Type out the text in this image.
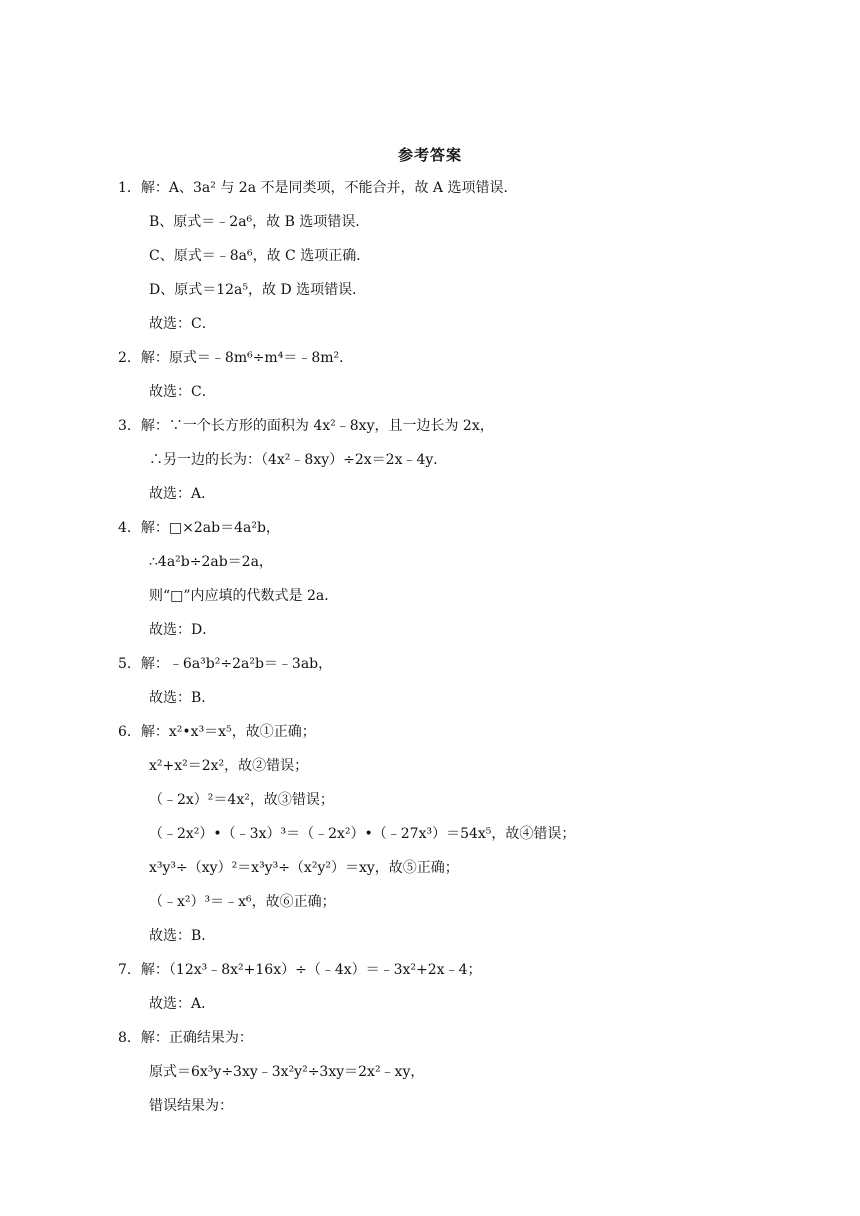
参考答案
1．解：A、3a² 与 2a 不是同类项，不能合并，故 A 选项错误．
B、原式＝﹣2a⁶，故 B 选项错误．
C、原式＝﹣8a⁶，故 C 选项正确．
D、原式＝12a⁵，故 D 选项错误．
故选：C．
2．解：原式＝﹣8m⁶÷m⁴＝﹣8m²．
故选：C．
3．解：∵一个长方形的面积为 4x²﹣8xy，且一边长为 2x，
∴另一边的长为：（4x²﹣8xy）÷2x＝2x﹣4y．
故选：A．
4．解：□×2ab＝4a²b，
∴4a²b÷2ab＝2a，
则“□”内应填的代数式是 2a．
故选：D．
5．解：﹣6a³b²÷2a²b＝﹣3ab，
故选：B．
6．解：x²•x³＝x⁵，故①正确；
x²+x²＝2x²，故②错误；
（﹣2x）²＝4x²，故③错误；
（﹣2x²）•（﹣3x）³＝（﹣2x²）•（﹣27x³）＝54x⁵，故④错误；
x³y³÷（xy）²＝x³y³÷（x²y²）＝xy，故⑤正确；
（﹣x²）³＝﹣x⁶，故⑥正确；
故选：B．
7．解：（12x³﹣8x²+16x）÷（﹣4x）＝﹣3x²+2x﹣4；
故选：A．
8．解：正确结果为：
原式＝6x³y÷3xy﹣3x²y²÷3xy＝2x²﹣xy，
错误结果为：
